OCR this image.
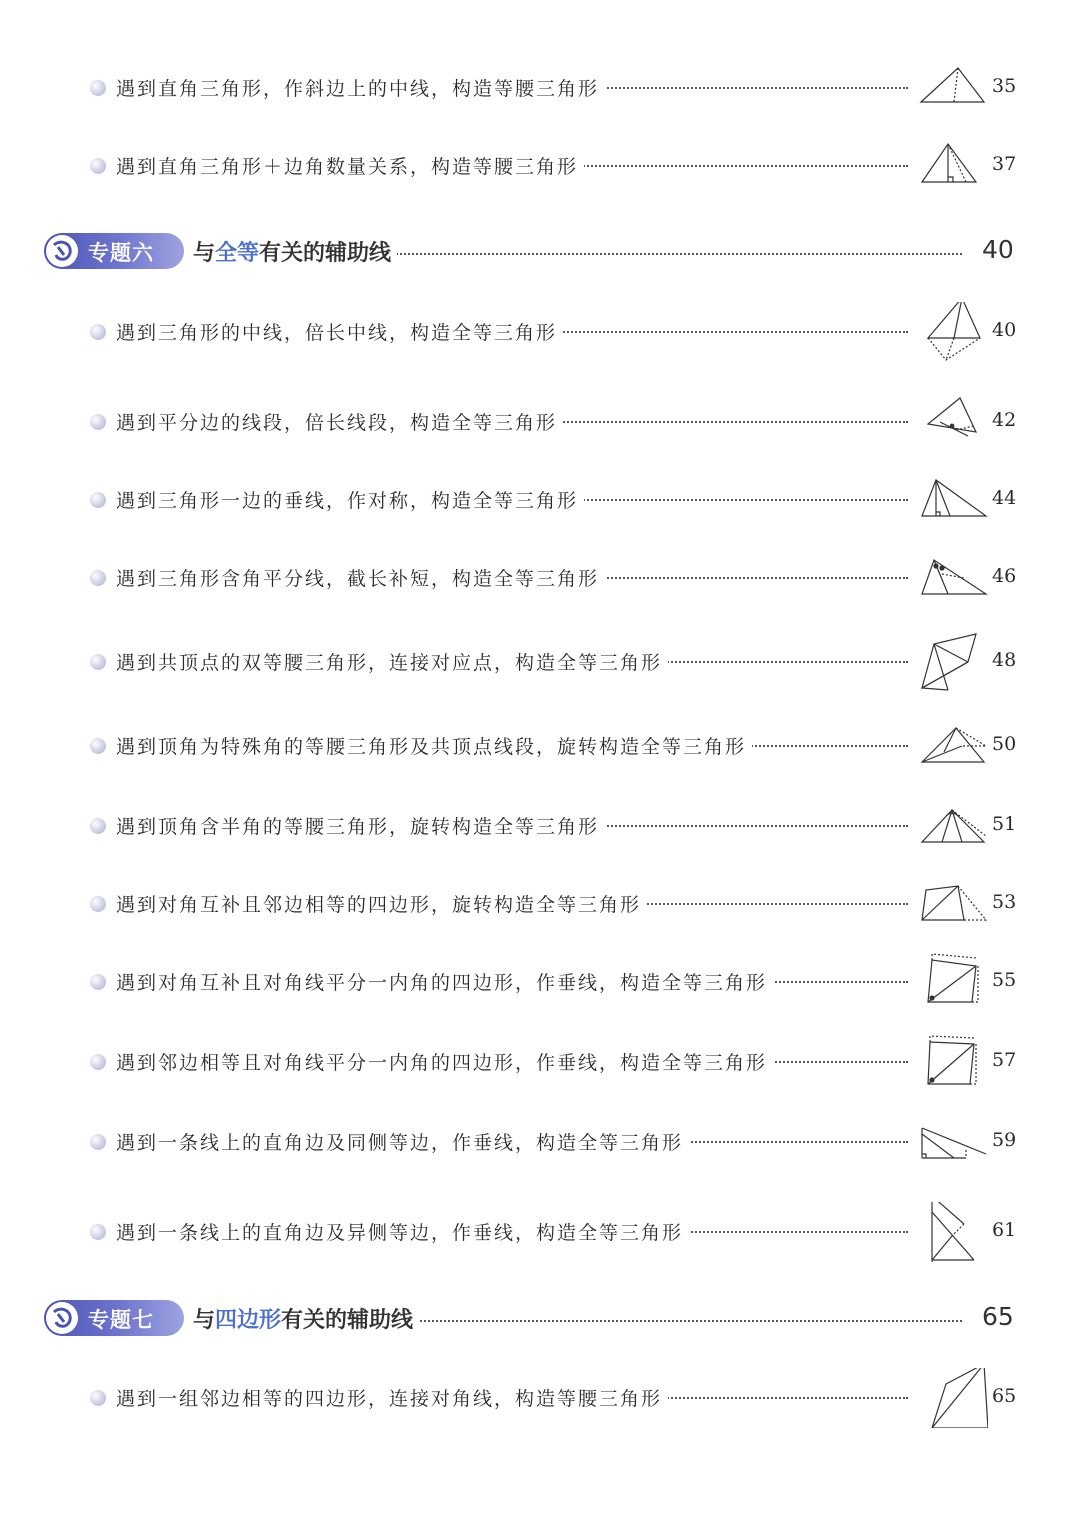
遇到直角三角形，作斜边上的中线，构造等腰三角形	35
遇到直角三角形＋边角数量关系，构造等腰三角形	37
专题六 与全等有关的辅助线	40
遇到三角形的中线，倍长中线，构造全等三角形	40
遇到平分边的线段，倍长线段，构造全等三角形	42
遇到三角形一边的垂线，作对称，构造全等三角形	44
遇到三角形含角平分线，截长补短，构造全等三角形	46
遇到共顶点的双等腰三角形，连接对应点，构造全等三角形	48
遇到顶角为特殊角的等腰三角形及共顶点线段，旋转构造全等三角形	50
遇到顶角含半角的等腰三角形，旋转构造全等三角形	51
遇到对角互补且邻边相等的四边形，旋转构造全等三角形	53
遇到对角互补且对角线平分一内角的四边形，作垂线，构造全等三角形	55
遇到邻边相等且对角线平分一内角的四边形，作垂线，构造全等三角形	57
遇到一条线上的直角边及同侧等边，作垂线，构造全等三角形	59
遇到一条线上的直角边及异侧等边，作垂线，构造全等三角形	61
专题七 与四边形有关的辅助线	65
遇到一组邻边相等的四边形，连接对角线，构造等腰三角形	65
